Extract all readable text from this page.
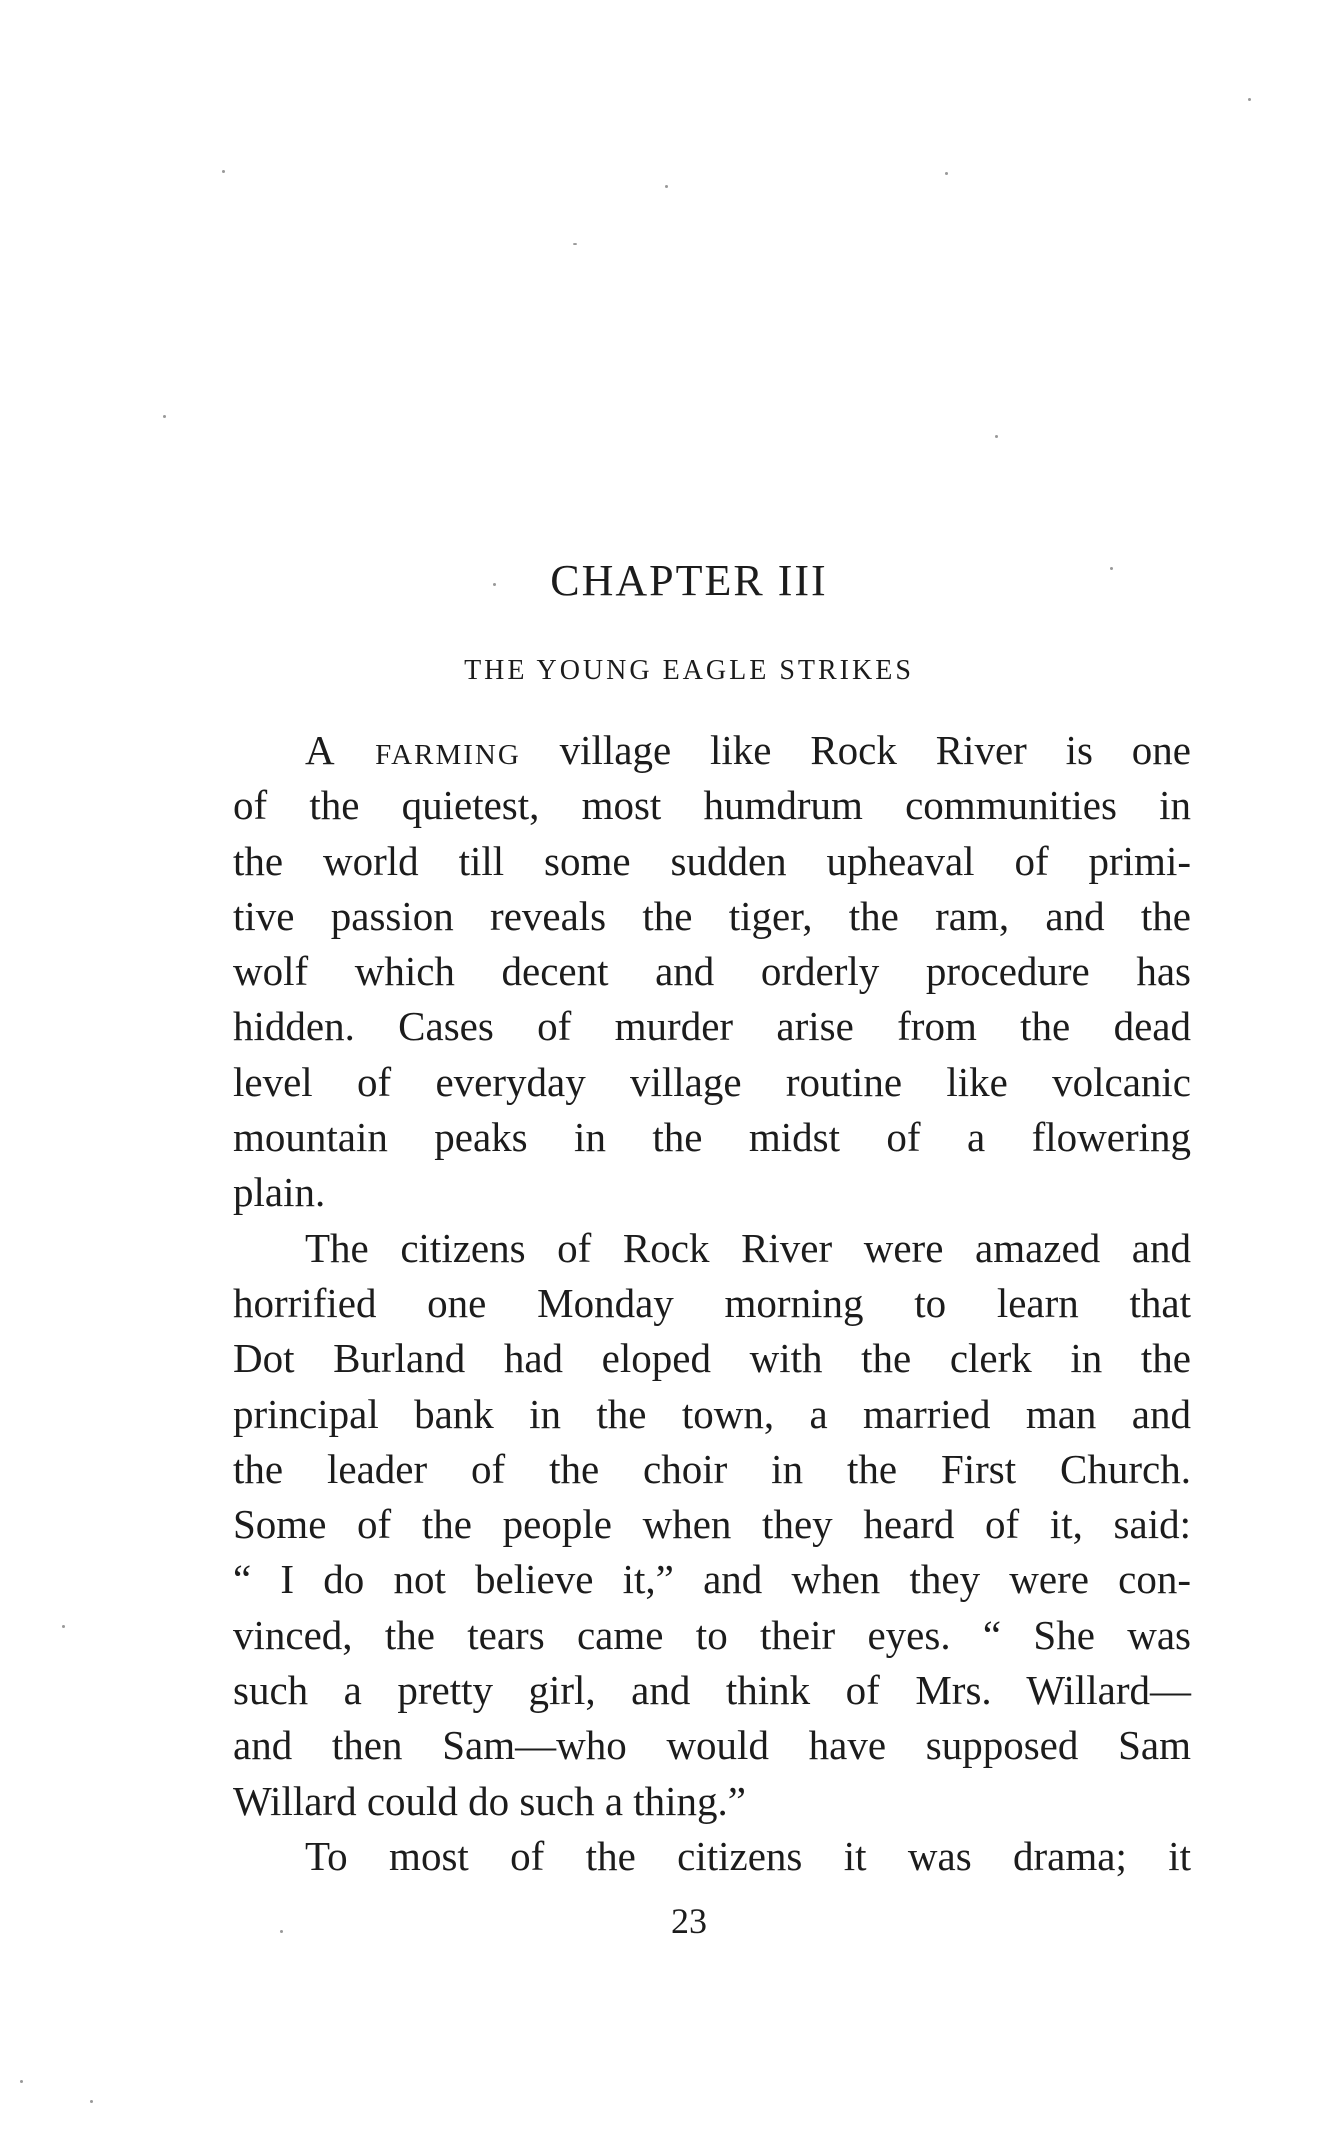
CHAPTER III
THE YOUNG EAGLE STRIKES
A farming village like Rock River is one
of the quietest, most humdrum communities in
the world till some sudden upheaval of primi-
tive passion reveals the tiger, the ram, and the
wolf which decent and orderly procedure has
hidden. Cases of murder arise from the dead
level of everyday village routine like volcanic
mountain peaks in the midst of a flowering
plain.
The citizens of Rock River were amazed and
horrified one Monday morning to learn that
Dot Burland had eloped with the clerk in the
principal bank in the town, a married man and
the leader of the choir in the First Church.
Some of the people when they heard of it, said:
“ I do not believe it,” and when they were con-
vinced, the tears came to their eyes. “ She was
such a pretty girl, and think of Mrs. Willard—
and then Sam—who would have supposed Sam
Willard could do such a thing.”
To most of the citizens it was drama; it
23
